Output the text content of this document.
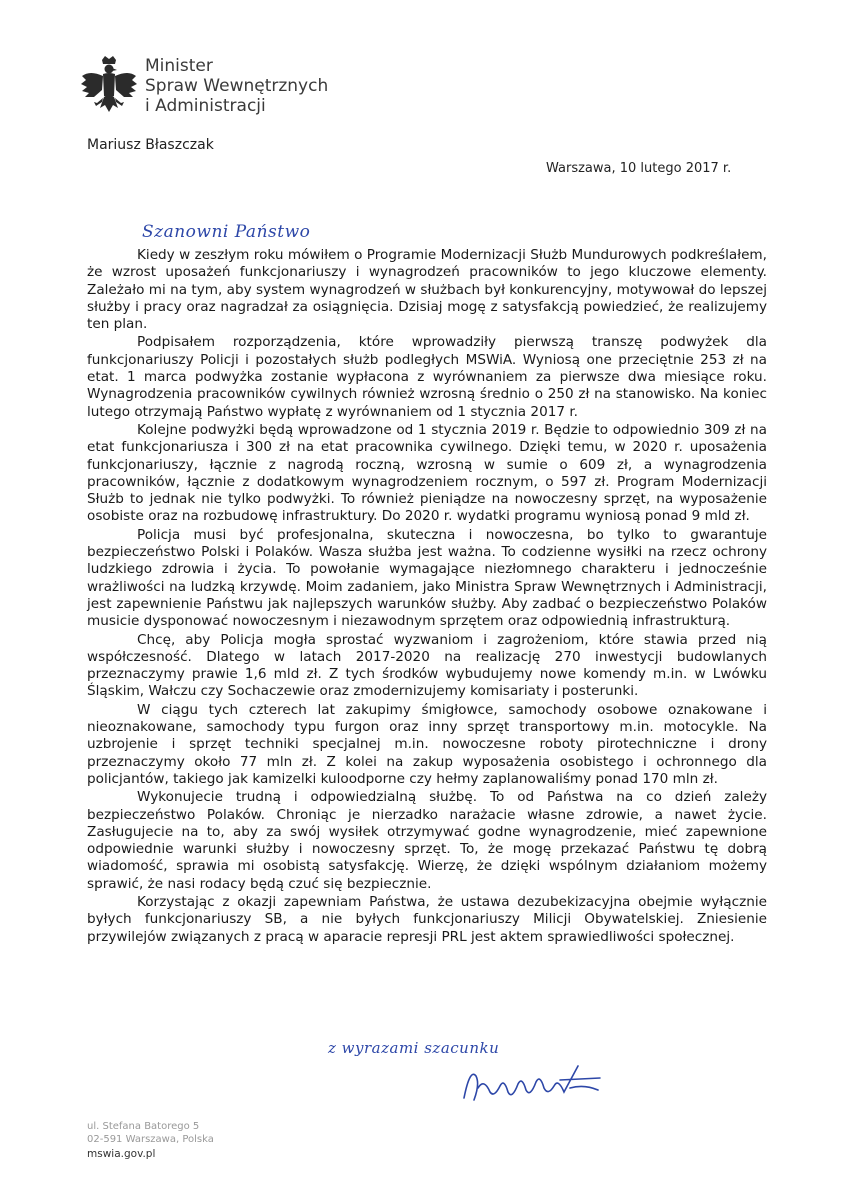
Minister
Spraw Wewnętrznych
i Administracji
Mariusz Błaszczak
Warszawa, 10 lutego 2017 r.
Szanowni Państwo

Kiedy w zeszłym roku mówiłem o Programie Modernizacji Służb Mundurowych podkreślałem, że wzrost uposażeń funkcjonariuszy i wynagrodzeń pracowników to jego kluczowe elementy. Zależało mi na tym, aby system wynagrodzeń w służbach był konkurencyjny, motywował do lepszej służby i pracy oraz nagradzał za osiągnięcia. Dzisiaj mogę z satysfakcją powiedzieć, że realizujemy ten plan.

Podpisałem rozporządzenia, które wprowadziły pierwszą transzę podwyżek dla funkcjonariuszy Policji i pozostałych służb podległych MSWiA. Wyniosą one przeciętnie 253 zł na etat. 1 marca podwyżka zostanie wypłacona z wyrównaniem za pierwsze dwa miesiące roku. Wynagrodzenia pracowników cywilnych również wzrosną średnio o 250 zł na stanowisko. Na koniec lutego otrzymają Państwo wypłatę z wyrównaniem od 1 stycznia 2017 r.

Kolejne podwyżki będą wprowadzone od 1 stycznia 2019 r. Będzie to odpowiednio 309 zł na etat funkcjonariusza i 300 zł na etat pracownika cywilnego. Dzięki temu, w 2020 r. uposażenia funkcjonariuszy, łącznie z nagrodą roczną, wzrosną w sumie o 609 zł, a wynagrodzenia pracowników, łącznie z dodatkowym wynagrodzeniem rocznym, o 597 zł. Program Modernizacji Służb to jednak nie tylko podwyżki. To również pieniądze na nowoczesny sprzęt, na wyposażenie osobiste oraz na rozbudowę infrastruktury. Do 2020 r. wydatki programu wyniosą ponad 9 mld zł.

Policja musi być profesjonalna, skuteczna i nowoczesna, bo tylko to gwarantuje bezpieczeństwo Polski i Polaków. Wasza służba jest ważna. To codzienne wysiłki na rzecz ochrony ludzkiego zdrowia i życia. To powołanie wymagające niezłomnego charakteru i jednocześnie wrażliwości na ludzką krzywdę. Moim zadaniem, jako Ministra Spraw Wewnętrznych i Administracji, jest zapewnienie Państwu jak najlepszych warunków służby. Aby zadbać o bezpieczeństwo Polaków musicie dysponować nowoczesnym i niezawodnym sprzętem oraz odpowiednią infrastrukturą.

Chcę, aby Policja mogła sprostać wyzwaniom i zagrożeniom, które stawia przed nią współczesność. Dlatego w latach 2017-2020 na realizację 270 inwestycji budowlanych przeznaczymy prawie 1,6 mld zł. Z tych środków wybudujemy nowe komendy m.in. w Lwówku Śląskim, Wałczu czy Sochaczewie oraz zmodernizujemy komisariaty i posterunki.

W ciągu tych czterech lat zakupimy śmigłowce, samochody osobowe oznakowane i nieoznakowane, samochody typu furgon oraz inny sprzęt transportowy m.in. motocykle. Na uzbrojenie i sprzęt techniki specjalnej m.in. nowoczesne roboty pirotechniczne i drony przeznaczymy około 77 mln zł. Z kolei na zakup wyposażenia osobistego i ochronnego dla policjantów, takiego jak kamizelki kuloodporne czy hełmy zaplanowaliśmy ponad 170 mln zł.

Wykonujecie trudną i odpowiedzialną służbę. To od Państwa na co dzień zależy bezpieczeństwo Polaków. Chroniąc je nierzadko narażacie własne zdrowie, a nawet życie. Zasługujecie na to, aby za swój wysiłek otrzymywać godne wynagrodzenie, mieć zapewnione odpowiednie warunki służby i nowoczesny sprzęt. To, że mogę przekazać Państwu tę dobrą wiadomość, sprawia mi osobistą satysfakcję. Wierzę, że dzięki wspólnym działaniom możemy sprawić, że nasi rodacy będą czuć się bezpiecznie.

Korzystając z okazji zapewniam Państwa, że ustawa dezubekizacyjna obejmie wyłącznie byłych funkcjonariuszy SB, a nie byłych funkcjonariuszy Milicji Obywatelskiej. Zniesienie przywilejów związanych z pracą w aparacie represji PRL jest aktem sprawiedliwości społecznej.

z wyrazami szacunku
ul. Stefana Batorego 5
02-591 Warszawa, Polska
mswia.gov.pl
